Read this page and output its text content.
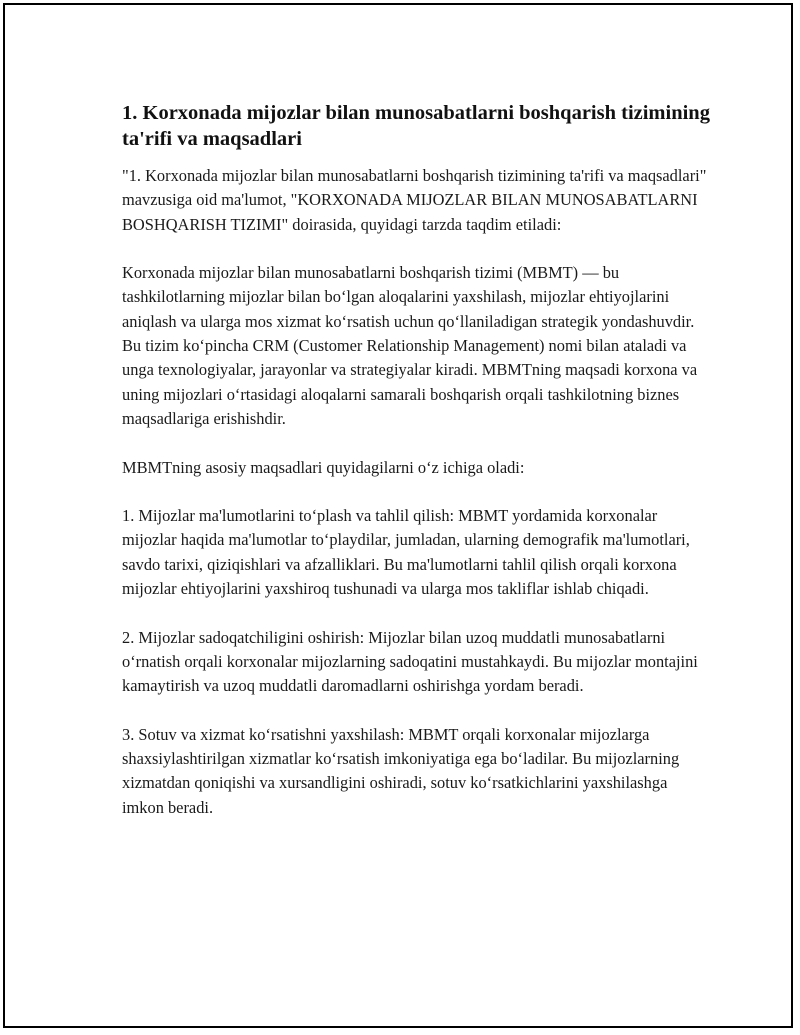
1. Korxonada mijozlar bilan munosabatlarni boshqarish tizimining ta'rifi va maqsadlari

"1. Korxonada mijozlar bilan munosabatlarni boshqarish tizimining ta'rifi va maqsadlari" mavzusiga oid ma'lumot, "KORXONADA MIJOZLAR BILAN MUNOSABATLARNI BOSHQARISH TIZIMI" doirasida, quyidagi tarzda taqdim etiladi:

Korxonada mijozlar bilan munosabatlarni boshqarish tizimi (MBMT) — bu tashkilotlarning mijozlar bilan boʻlgan aloqalarini yaxshilash, mijozlar ehtiyojlarini aniqlash va ularga mos xizmat koʻrsatish uchun qoʻllaniladigan strategik yondashuvdir. Bu tizim koʻpincha CRM (Customer Relationship Management) nomi bilan ataladi va unga texnologiyalar, jarayonlar va strategiyalar kiradi. MBMTning maqsadi korxona va uning mijozlari oʻrtasidagi aloqalarni samarali boshqarish orqali tashkilotning biznes maqsadlariga erishishdir.

MBMTning asosiy maqsadlari quyidagilarni oʻz ichiga oladi:

1. Mijozlar ma'lumotlarini toʻplash va tahlil qilish: MBMT yordamida korxonalar mijozlar haqida ma'lumotlar toʻplaydilar, jumladan, ularning demografik ma'lumotlari, savdo tarixi, qiziqishlari va afzalliklari. Bu ma'lumotlarni tahlil qilish orqali korxona mijozlar ehtiyojlarini yaxshiroq tushunadi va ularga mos takliflar ishlab chiqadi.

2. Mijozlar sadoqatchiligini oshirish: Mijozlar bilan uzoq muddatli munosabatlarni oʻrnatish orqali korxonalar mijozlarning sadoqatini mustahkaydi. Bu mijozlar montajini kamaytirish va uzoq muddatli daromadlarni oshirishga yordam beradi.

3. Sotuv va xizmat koʻrsatishni yaxshilash: MBMT orqali korxonalar mijozlarga shaxsiylashtirilgan xizmatlar koʻrsatish imkoniyatiga ega boʻladilar. Bu mijozlarning xizmatdan qoniqishi va xursandligini oshiradi, sotuv koʻrsatkichlarini yaxshilashga imkon beradi.
